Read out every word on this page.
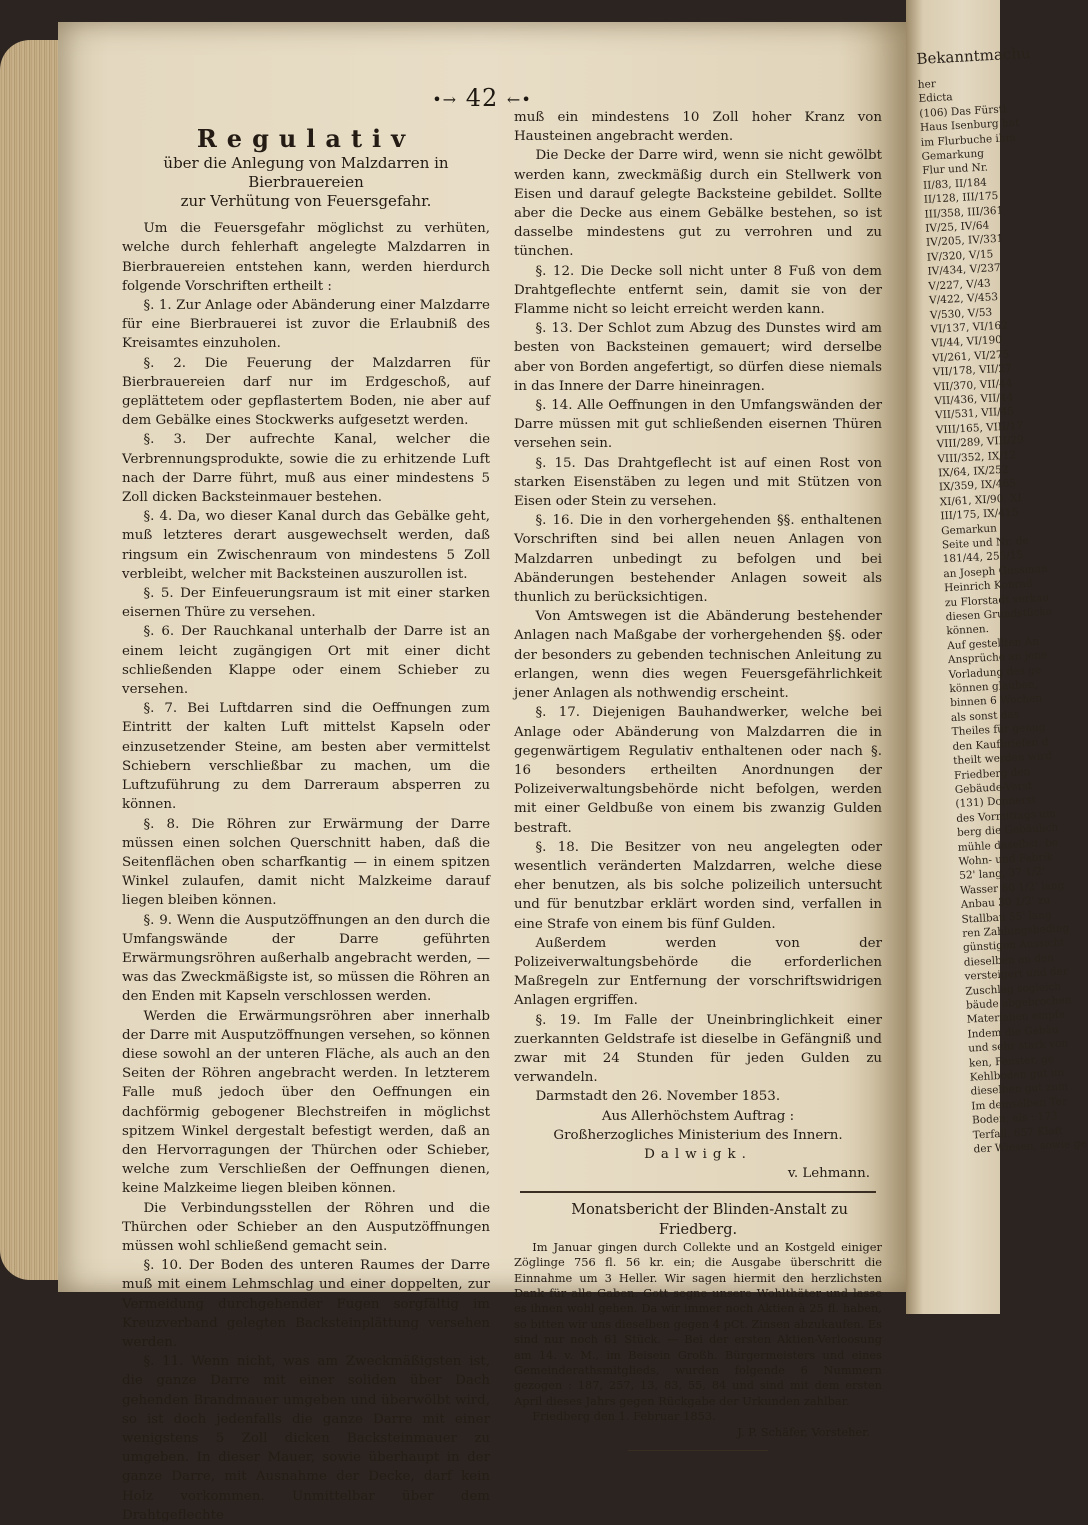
•→ 42 ←•
Regulativ
über die Anlegung von Malzdarren in Bierbrauereien
zur Verhütung von Feuersgefahr.

Um die Feuersgefahr möglichst zu verhüten, welche durch fehlerhaft angelegte Malzdarren in Bierbrauereien entstehen kann, werden hierdurch folgende Vorschriften ertheilt :

§. 1. Zur Anlage oder Abänderung einer Malzdarre für eine Bierbrauerei ist zuvor die Erlaubniß des Kreisamtes einzuholen.

§. 2. Die Feuerung der Malzdarren für Bierbrauereien darf nur im Erdgeschoß, auf geplättetem oder gepflastertem Boden, nie aber auf dem Gebälke eines Stockwerks aufgesetzt werden.

§. 3. Der aufrechte Kanal, welcher die Verbrennungsprodukte, sowie die zu erhitzende Luft nach der Darre führt, muß aus einer mindestens 5 Zoll dicken Backsteinmauer bestehen.

§. 4. Da, wo dieser Kanal durch das Gebälke geht, muß letzteres derart ausgewechselt werden, daß ringsum ein Zwischenraum von mindestens 5 Zoll verbleibt, welcher mit Backsteinen auszurollen ist.

§. 5. Der Einfeuerungsraum ist mit einer starken eisernen Thüre zu versehen.

§. 6. Der Rauchkanal unterhalb der Darre ist an einem leicht zugängigen Ort mit einer dicht schließenden Klappe oder einem Schieber zu versehen.

§. 7. Bei Luftdarren sind die Oeffnungen zum Eintritt der kalten Luft mittelst Kapseln oder einzusetzender Steine, am besten aber vermittelst Schiebern verschließbar zu machen, um die Luftzuführung zu dem Darreraum absperren zu können.

§. 8. Die Röhren zur Erwärmung der Darre müssen einen solchen Querschnitt haben, daß die Seitenflächen oben scharfkantig — in einem spitzen Winkel zulaufen, damit nicht Malzkeime darauf liegen bleiben können.

§. 9. Wenn die Ausputzöffnungen an den durch die Umfangswände der Darre geführten Erwärmungsröhren außerhalb angebracht werden, — was das Zweckmäßigste ist, so müssen die Röhren an den Enden mit Kapseln verschlossen werden.

Werden die Erwärmungsröhren aber innerhalb der Darre mit Ausputzöffnungen versehen, so können diese sowohl an der unteren Fläche, als auch an den Seiten der Röhren angebracht werden. In letzterem Falle muß jedoch über den Oeffnungen ein dachförmig gebogener Blechstreifen in möglichst spitzem Winkel dergestalt befestigt werden, daß an den Hervorragungen der Thürchen oder Schieber, welche zum Verschließen der Oeffnungen dienen, keine Malzkeime liegen bleiben können.

Die Verbindungsstellen der Röhren und die Thürchen oder Schieber an den Ausputzöffnungen müssen wohl schließend gemacht sein.

§. 10. Der Boden des unteren Raumes der Darre muß mit einem Lehmschlag und einer doppelten, zur Vermeidung durchgehender Fugen sorgfältig im Kreuzverband gelegten Backsteinplättung versehen werden.

§. 11. Wenn nicht, was am Zweckmäßigsten ist, die ganze Darre mit einer soliden über Dach gehenden Brandmauer umgeben und überwölbt wird, so ist doch jedenfalls die ganze Darre mit einer wenigstens 5 Zoll dicken Backsteinmauer zu umgeben. In dieser Mauer, sowie überhaupt in der ganze Darre, mit Ausnahme der Decke, darf kein Holz vorkommen. Unmittelbar über dem Drahtgeflechte

muß ein mindestens 10 Zoll hoher Kranz von Hausteinen angebracht werden.

Die Decke der Darre wird, wenn sie nicht gewölbt werden kann, zweckmäßig durch ein Stellwerk von Eisen und darauf gelegte Backsteine gebildet. Sollte aber die Decke aus einem Gebälke bestehen, so ist dasselbe mindestens gut zu verrohren und zu tünchen.

§. 12. Die Decke soll nicht unter 8 Fuß von dem Drahtgeflechte entfernt sein, damit sie von der Flamme nicht so leicht erreicht werden kann.

§. 13. Der Schlot zum Abzug des Dunstes wird am besten von Backsteinen gemauert; wird derselbe aber von Borden angefertigt, so dürfen diese niemals in das Innere der Darre hineinragen.

§. 14. Alle Oeffnungen in den Umfangswänden der Darre müssen mit gut schließenden eisernen Thüren versehen sein.

§. 15. Das Drahtgeflecht ist auf einen Rost von starken Eisenstäben zu legen und mit Stützen von Eisen oder Stein zu versehen.

§. 16. Die in den vorhergehenden §§. enthaltenen Vorschriften sind bei allen neuen Anlagen von Malzdarren unbedingt zu befolgen und bei Abänderungen bestehender Anlagen soweit als thunlich zu berücksichtigen.

Von Amtswegen ist die Abänderung bestehender Anlagen nach Maßgabe der vorhergehenden §§. oder der besonders zu gebenden technischen Anleitung zu erlangen, wenn dies wegen Feuersgefährlichkeit jener Anlagen als nothwendig erscheint.

§. 17. Diejenigen Bauhandwerker, welche bei Anlage oder Abänderung von Malzdarren die in gegenwärtigem Regulativ enthaltenen oder nach §. 16 besonders ertheilten Anordnungen der Polizeiverwaltungsbehörde nicht befolgen, werden mit einer Geldbuße von einem bis zwanzig Gulden bestraft.

§. 18. Die Besitzer von neu angelegten oder wesentlich veränderten Malzdarren, welche diese eher benutzen, als bis solche polizeilich untersucht und für benutzbar erklärt worden sind, verfallen in eine Strafe von einem bis fünf Gulden.

Außerdem werden von der Polizeiverwaltungsbehörde die erforderlichen Maßregeln zur Entfernung der vorschriftswidrigen Anlagen ergriffen.

§. 19. Im Falle der Uneinbringlichkeit einer zuerkannten Geldstrafe ist dieselbe in Gefängniß und zwar mit 24 Stunden für jeden Gulden zu verwandeln.

Darmstadt den 26. November 1853.

Aus Allerhöchstem Auftrag :

Großherzogliches Ministerium des Innern.

Dalwigk.

v. Lehmann.

Monatsbericht der Blinden-Anstalt zu Friedberg.

Im Januar gingen durch Collekte und an Kostgeld einiger Zöglinge 756 fl. 56 kr. ein; die Ausgabe überschritt die Einnahme um 3 Heller. Wir sagen hiermit den herzlichsten Dank für alle Gaben. Gott segne unsere Wohlthäter und lasse es ihnen wohl gehen. Da wir immer noch Aktien à 25 fl. haben, so bitten wir uns dieselben gegen 4 pCt. Zinsen abzukaufen. Es sind nur noch 61 Stück. — Bei der ersten Aktien-Verloosung am 14. v. M., im Beisein Großh. Bürgermeisters und eines Gemeinderathsmitglieds, wurden folgende 6 Nummern gezogen : 187, 257, 13, 83, 55, 84 und sind mit dem ersten April dieses Jahrs gegen Rückgabe der Urkunden zahlbar.

Friedberg den 1. Februar 1853.

J. P. Schäfer, Vorsteher.

Bekanntmachu
her
Edicta
(106) Das Fürstl.
Haus Isenburg hat
im Flurbuche ihm
Gemarkung
Flur und Nr.
II/83, II/184
II/128, III/175
III/358, III/361
IV/25, IV/64
IV/205, IV/331
IV/320, V/15
IV/434, V/237
V/227, V/43
V/422, V/453
V/530, V/53
VI/137, VI/162
VI/44, VI/190
VI/261, VI/275
VII/178, VII/27
VII/370, VII/44
VII/436, VII/44
VII/531, VII/45
VIII/165, VIII/17
VIII/289, VIII/29
VIII/352, IX/12
IX/64, IX/252
IX/359, IX/465
XI/61, XI/90, XI
III/175, IX/415
Gemarkun
Seite und Nr. de
181/44, 255/15
an Joseph Gussman
Heinrich Konrad
zu Florstadt verkau
diesen Grundstücke
können.
Auf gestellten An
Ansprüche an jene
Vorladung des ge
können glauben,
binnen 6 Wochen
als sonst das
Theiles für genug
den Kaufbriefen d
theilt werden wird
Friedberg den
Gebäude-Verst
(131) Donnerst
des Vormittags um
berg die Gebäulich
mühle daselbst, be
Wohn- und Fabrik
52' lang, 37 1/2'
Wasser 60 1/2' lang
Anbau 30 1/2' zu
Stallbau 55' lang
ren Zahlungsbeding
günstigen Aussicht
dieselben an den
versteigert und der
Zuschlag sogleich
bäude abgebrochen
Materialien empfe
Indem die Gebäu
und sehr stark von
ken, Fenster, ge
Kehlboden gut un
dieselben gut zum
Im demselben Ter
Boden, als : 173
Terfall, 657 Klaft
der Wiesen, sowie ge
